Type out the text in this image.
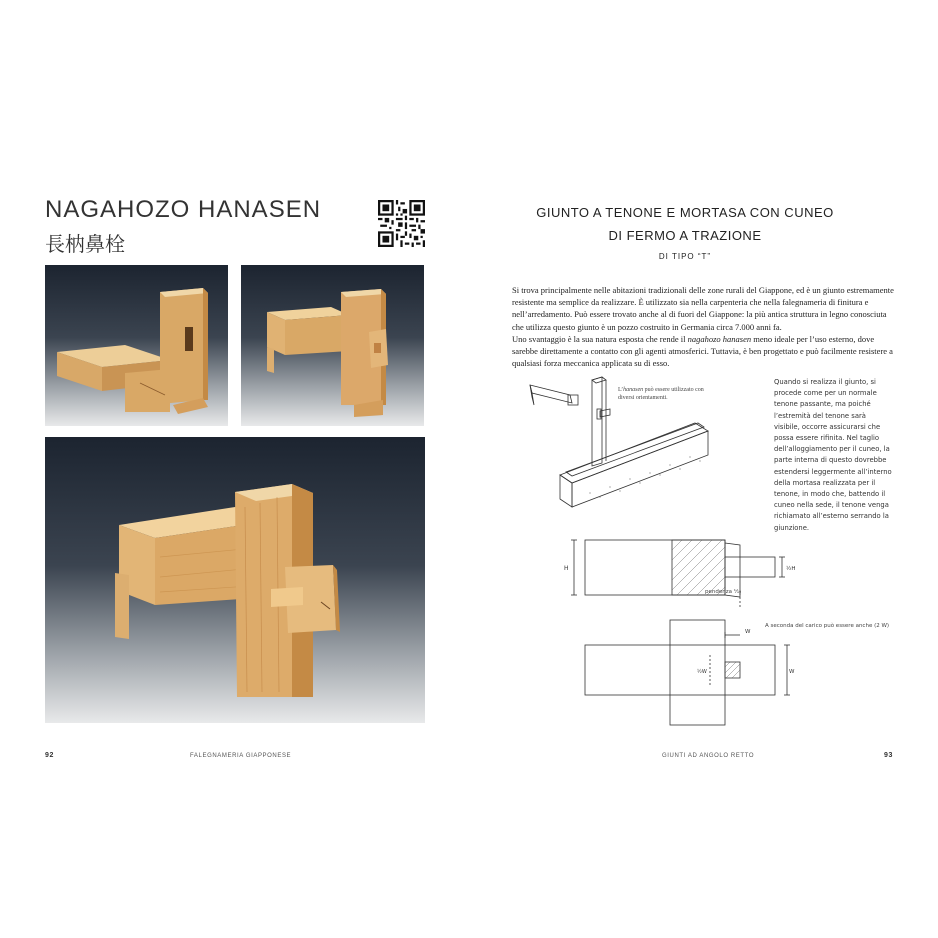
NAGAHOZO HANASEN
長枘鼻栓
92	FALEGNAMERIA GIAPPONESE
GIUNTO A TENONE E MORTASA CON CUNEO
DI FERMO A TRAZIONE
DI TIPO “T”

Si trova principalmente nelle abitazioni tradizionali delle zone rurali del Giappone, ed è un giunto estremamente resistente ma semplice da realizzare. È utilizzato sia nella carpenteria che nella falegnameria di finitura e nell’arredamento. Può essere trovato anche al di fuori del Giappone: la più antica struttura in legno conosciuta che utilizza questo giunto è un pozzo costruito in Germania circa 7.000 anni fa.

Uno svantaggio è la sua natura esposta che rende il nagahozo hanasen meno ideale per l’uso esterno, dove sarebbe direttamente a contatto con gli agenti atmosferici. Tuttavia, è ben progettato e può facilmente resistere a qualsiasi forza meccanica applicata su di esso.

L’hanasen può essere utilizzato con diversi orientamenti.
Quando si realizza il giunto, si procede come per un normale tenone passante, ma poiché l’estremità del tenone sarà visibile, occorre assicurarsi che possa essere rifinita. Nel taglio dell’alloggiamento per il cuneo, la parte interna di questo dovrebbe estendersi leggermente all’interno della mortasa realizzata per il tenone, in modo che, battendo il cuneo nella sede, il tenone venga richiamato all’esterno serrando la giunzione.
H	½H
pendenza ¹⁄₁₀
A seconda del carico può essere anche (2 W)
W
W
½W
GIUNTI AD ANGOLO RETTO	93
